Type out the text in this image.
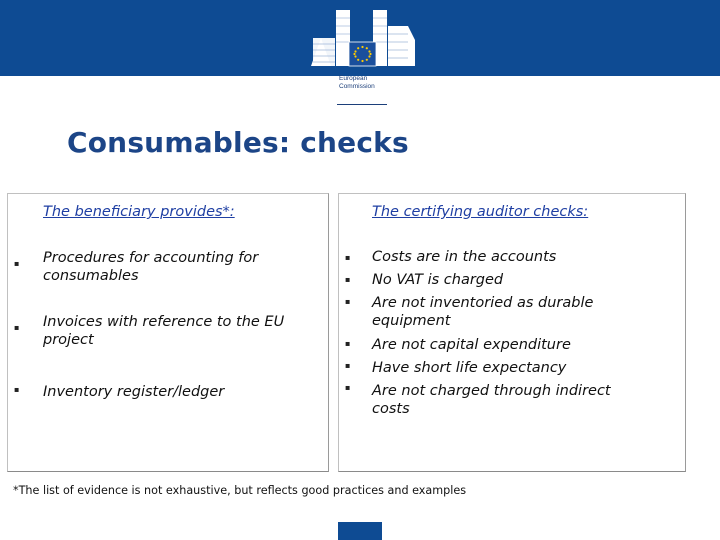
European
Commission
Consumables: checks
The beneficiary provides*:
▪ Procedures for accounting for
consumables
▪ Invoices with reference to the EU
project
▪ Inventory register/ledger
The certifying auditor checks:
▪
▪
▪
▪
▪
▪
Costs are in the accounts
No VAT is charged
Are not inventoried as durable
equipment
Are not capital expenditure
Have short life expectancy
Are not charged through indirect
costs
*The list of evidence is not exhaustive, but reflects good practices and examples
